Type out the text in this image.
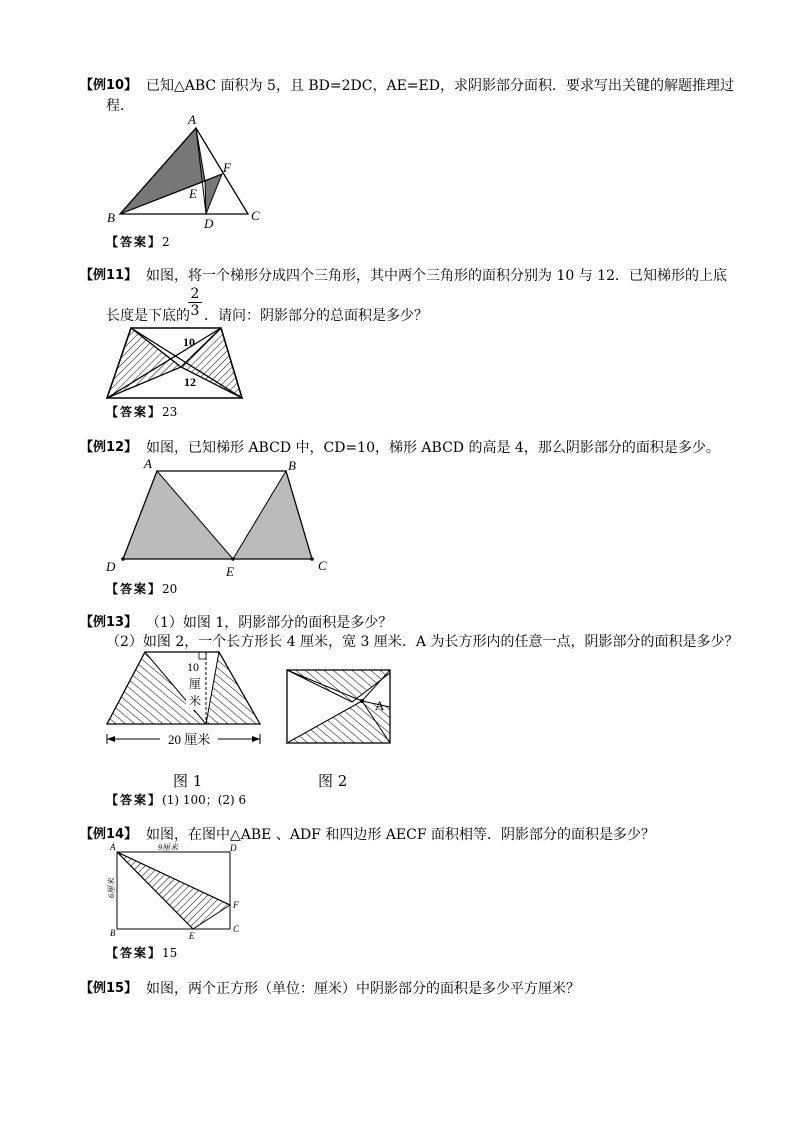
【例10】 已知△ABC 面积为 5，且 BD=2DC，AE=ED，求阴影部分面积．要求写出关键的解题推理过
程．
A
B	C
D
E
F
【答案】2
【例11】 如图，将一个梯形分成四个三角形，其中两个三角形的面积分别为 10 与 12．已知梯形的上底
长度是下底的
$\frac{2}{3}$ ．请问：阴影部分的总面积是多少？
10
12
【答案】23
【例12】 如图，已知梯形 ABCD 中，CD=10，梯形 ABCD 的高是 4，那么阴影部分的面积是多少。
A	B
C
D	E
【答案】20
【例13】 （1）如图 1，阴影部分的面积是多少？
（2）如图 2，一个长方形长 4 厘米，宽 3 厘米．A 为长方形内的任意一点，阴影部分的面积是多少？
10
厘
米
20 厘米
A
图 1	图 2
【答案】(1) 100；(2) 6
【例14】 如图，在图中△ABE 、ADF 和四边形 AECF 面积相等．阴影部分的面积是多少？
A
B	C
D
E
F
9厘米
6厘米
【答案】15
【例15】 如图，两个正方形（单位：厘米）中阴影部分的面积是多少平方厘米？
